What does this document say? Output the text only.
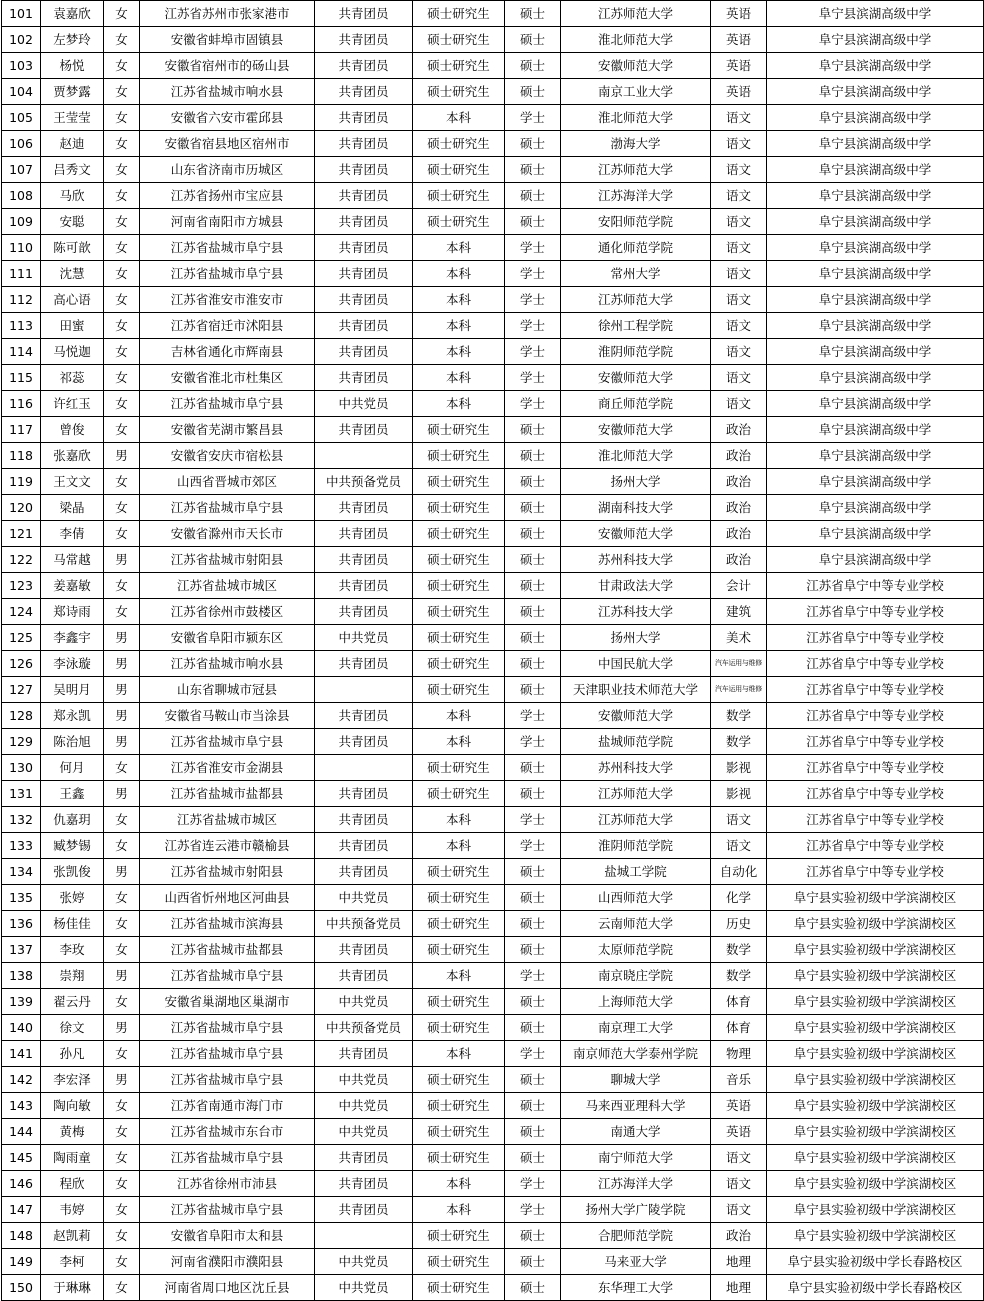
101	袁嘉欣	女	江苏省苏州市张家港市	共青团员	硕士研究生	硕士	江苏师范大学	英语	阜宁县滨湖高级中学
102	左梦玲	女	安徽省蚌埠市固镇县	共青团员	硕士研究生	硕士	淮北师范大学	英语	阜宁县滨湖高级中学
103	杨悦	女	安徽省宿州市的砀山县	共青团员	硕士研究生	硕士	安徽师范大学	英语	阜宁县滨湖高级中学
104	贾梦露	女	江苏省盐城市响水县	共青团员	硕士研究生	硕士	南京工业大学	英语	阜宁县滨湖高级中学
105	王莹莹	女	安徽省六安市霍邱县	共青团员	本科	学士	淮北师范大学	语文	阜宁县滨湖高级中学
106	赵迪	女	安徽省宿县地区宿州市	共青团员	硕士研究生	硕士	渤海大学	语文	阜宁县滨湖高级中学
107	吕秀文	女	山东省济南市历城区	共青团员	硕士研究生	硕士	江苏师范大学	语文	阜宁县滨湖高级中学
108	马欣	女	江苏省扬州市宝应县	共青团员	硕士研究生	硕士	江苏海洋大学	语文	阜宁县滨湖高级中学
109	安聪	女	河南省南阳市方城县	共青团员	硕士研究生	硕士	安阳师范学院	语文	阜宁县滨湖高级中学
110	陈可歆	女	江苏省盐城市阜宁县	共青团员	本科	学士	通化师范学院	语文	阜宁县滨湖高级中学
111	沈慧	女	江苏省盐城市阜宁县	共青团员	本科	学士	常州大学	语文	阜宁县滨湖高级中学
112	高心语	女	江苏省淮安市淮安市	共青团员	本科	学士	江苏师范大学	语文	阜宁县滨湖高级中学
113	田蜜	女	江苏省宿迁市沭阳县	共青团员	本科	学士	徐州工程学院	语文	阜宁县滨湖高级中学
114	马悦迦	女	吉林省通化市辉南县	共青团员	本科	学士	淮阴师范学院	语文	阜宁县滨湖高级中学
115	祁蕊	女	安徽省淮北市杜集区	共青团员	本科	学士	安徽师范大学	语文	阜宁县滨湖高级中学
116	许红玉	女	江苏省盐城市阜宁县	中共党员	本科	学士	商丘师范学院	语文	阜宁县滨湖高级中学
117	曾俊	女	安徽省芜湖市繁昌县	共青团员	硕士研究生	硕士	安徽师范大学	政治	阜宁县滨湖高级中学
118	张嘉欣	男	安徽省安庆市宿松县		硕士研究生	硕士	淮北师范大学	政治	阜宁县滨湖高级中学
119	王文文	女	山西省晋城市郊区	中共预备党员	硕士研究生	硕士	扬州大学	政治	阜宁县滨湖高级中学
120	梁晶	女	江苏省盐城市阜宁县	共青团员	硕士研究生	硕士	湖南科技大学	政治	阜宁县滨湖高级中学
121	李倩	女	安徽省滁州市天长市	共青团员	硕士研究生	硕士	安徽师范大学	政治	阜宁县滨湖高级中学
122	马常越	男	江苏省盐城市射阳县	共青团员	硕士研究生	硕士	苏州科技大学	政治	阜宁县滨湖高级中学
123	姜嘉敏	女	江苏省盐城市城区	共青团员	硕士研究生	硕士	甘肃政法大学	会计	江苏省阜宁中等专业学校
124	郑诗雨	女	江苏省徐州市鼓楼区	共青团员	硕士研究生	硕士	江苏科技大学	建筑	江苏省阜宁中等专业学校
125	李鑫宇	男	安徽省阜阳市颍东区	中共党员	硕士研究生	硕士	扬州大学	美术	江苏省阜宁中等专业学校
126	李泳璇	男	江苏省盐城市响水县	共青团员	硕士研究生	硕士	中国民航大学	汽车运用与维修	江苏省阜宁中等专业学校
127	吴明月	男	山东省聊城市冠县		硕士研究生	硕士	天津职业技术师范大学	汽车运用与维修	江苏省阜宁中等专业学校
128	郑永凯	男	安徽省马鞍山市当涂县	共青团员	本科	学士	安徽师范大学	数学	江苏省阜宁中等专业学校
129	陈治旭	男	江苏省盐城市阜宁县	共青团员	本科	学士	盐城师范学院	数学	江苏省阜宁中等专业学校
130	何月	女	江苏省淮安市金湖县		硕士研究生	硕士	苏州科技大学	影视	江苏省阜宁中等专业学校
131	王鑫	男	江苏省盐城市盐都县	共青团员	硕士研究生	硕士	江苏师范大学	影视	江苏省阜宁中等专业学校
132	仇嘉玥	女	江苏省盐城市城区	共青团员	本科	学士	江苏师范大学	语文	江苏省阜宁中等专业学校
133	臧梦锡	女	江苏省连云港市赣榆县	共青团员	本科	学士	淮阴师范学院	语文	江苏省阜宁中等专业学校
134	张凯俊	男	江苏省盐城市射阳县	共青团员	硕士研究生	硕士	盐城工学院	自动化	江苏省阜宁中等专业学校
135	张婷	女	山西省忻州地区河曲县	中共党员	硕士研究生	硕士	山西师范大学	化学	阜宁县实验初级中学滨湖校区
136	杨佳佳	女	江苏省盐城市滨海县	中共预备党员	硕士研究生	硕士	云南师范大学	历史	阜宁县实验初级中学滨湖校区
137	李玫	女	江苏省盐城市盐都县	共青团员	硕士研究生	硕士	太原师范学院	数学	阜宁县实验初级中学滨湖校区
138	崇翔	男	江苏省盐城市阜宁县	共青团员	本科	学士	南京晓庄学院	数学	阜宁县实验初级中学滨湖校区
139	翟云丹	女	安徽省巢湖地区巢湖市	中共党员	硕士研究生	硕士	上海师范大学	体育	阜宁县实验初级中学滨湖校区
140	徐文	男	江苏省盐城市阜宁县	中共预备党员	硕士研究生	硕士	南京理工大学	体育	阜宁县实验初级中学滨湖校区
141	孙凡	女	江苏省盐城市阜宁县	共青团员	本科	学士	南京师范大学泰州学院	物理	阜宁县实验初级中学滨湖校区
142	李宏泽	男	江苏省盐城市阜宁县	中共党员	硕士研究生	硕士	聊城大学	音乐	阜宁县实验初级中学滨湖校区
143	陶向敏	女	江苏省南通市海门市	中共党员	硕士研究生	硕士	马来西亚理科大学	英语	阜宁县实验初级中学滨湖校区
144	黄梅	女	江苏省盐城市东台市	中共党员	硕士研究生	硕士	南通大学	英语	阜宁县实验初级中学滨湖校区
145	陶雨童	女	江苏省盐城市阜宁县	共青团员	硕士研究生	硕士	南宁师范大学	语文	阜宁县实验初级中学滨湖校区
146	程欣	女	江苏省徐州市沛县	共青团员	本科	学士	江苏海洋大学	语文	阜宁县实验初级中学滨湖校区
147	韦婷	女	江苏省盐城市阜宁县	共青团员	本科	学士	扬州大学广陵学院	语文	阜宁县实验初级中学滨湖校区
148	赵凯莉	女	安徽省阜阳市太和县		硕士研究生	硕士	合肥师范学院	政治	阜宁县实验初级中学滨湖校区
149	李柯	女	河南省濮阳市濮阳县	中共党员	硕士研究生	硕士	马来亚大学	地理	阜宁县实验初级中学长春路校区
150	于琳琳	女	河南省周口地区沈丘县	中共党员	硕士研究生	硕士	东华理工大学	地理	阜宁县实验初级中学长春路校区
